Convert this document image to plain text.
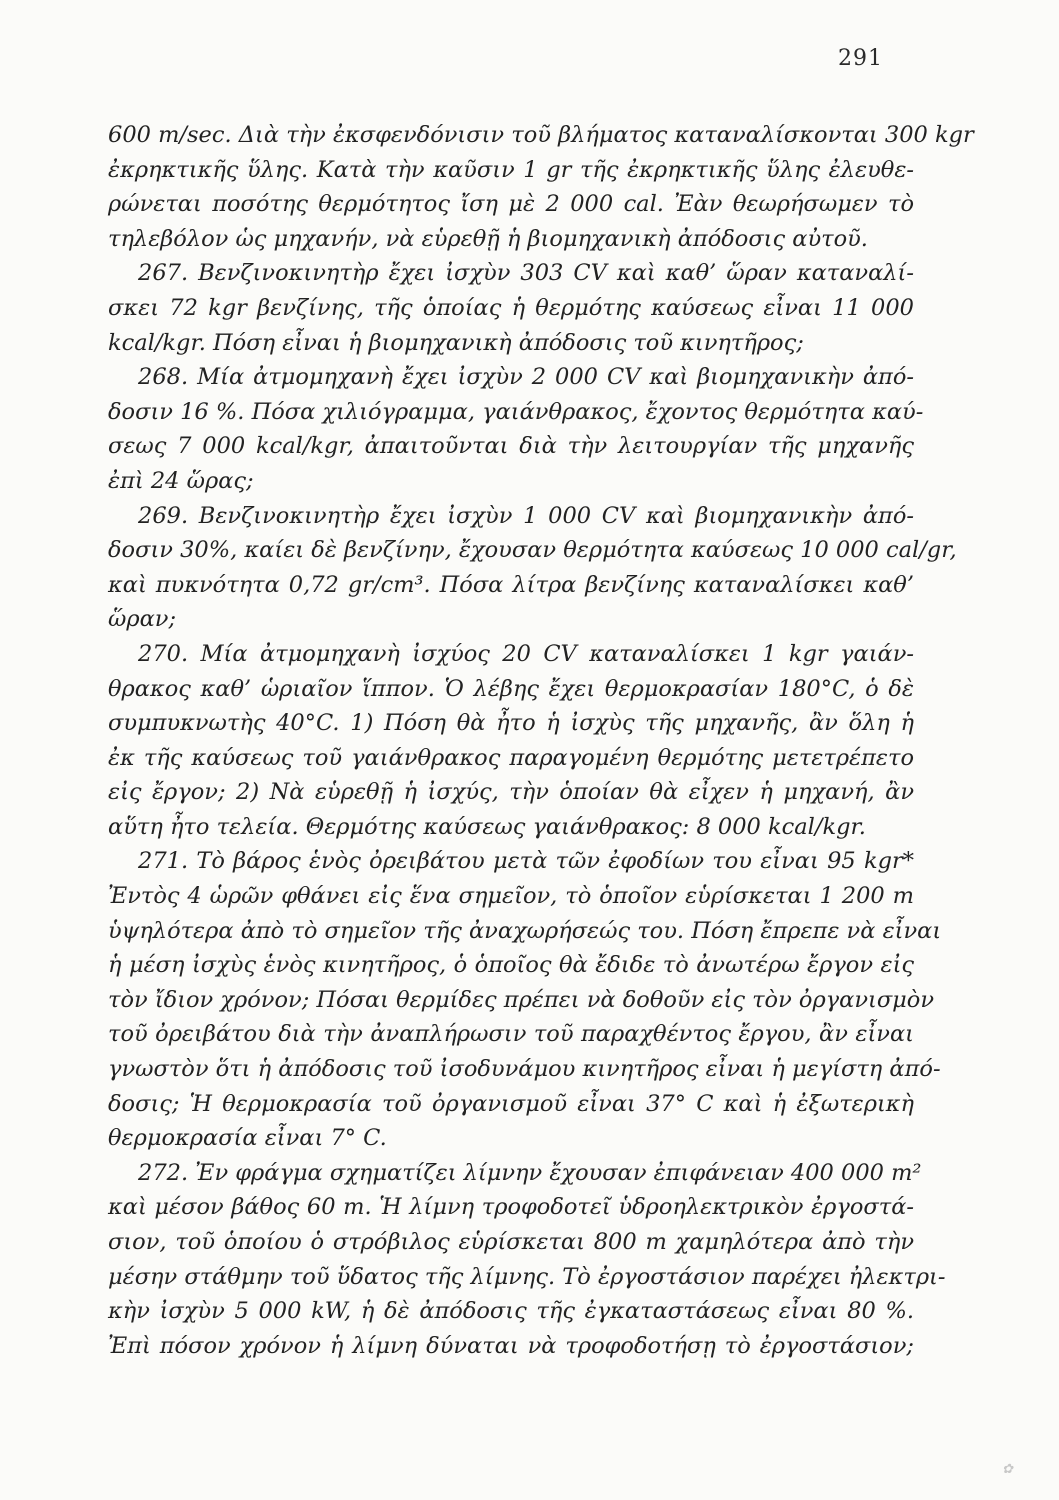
291
600 m/sec. Διὰ τὴν ἐκσφενδόνισιν τοῦ βλήματος καταναλίσκονται 300 kgr
ἐκρηκτικῆς ὕλης. Κατὰ τὴν καῦσιν 1 gr τῆς ἐκρηκτικῆς ὕλης ἐλευθε-
ρώνεται ποσότης θερμότητος ἴση μὲ 2 000 cal. Ἐὰν θεωρήσωμεν τὸ
τηλεβόλον ὡς μηχανήν, νὰ εὑρεθῇ ἡ βιομηχανικὴ ἀπόδοσις αὐτοῦ.
267. Βενζινοκινητὴρ ἔχει ἰσχὺν 303 CV καὶ καθ’ ὥραν καταναλί-
σκει 72 kgr βενζίνης, τῆς ὁποίας ἡ θερμότης καύσεως εἶναι 11 000
kcal/kgr. Πόση εἶναι ἡ βιομηχανικὴ ἀπόδοσις τοῦ κινητῆρος;
268. Μία ἀτμομηχανὴ ἔχει ἰσχὺν 2 000 CV καὶ βιομηχανικὴν ἀπό-
δοσιν 16 %. Πόσα χιλιόγραμμα, γαιάνθρακος, ἔχοντος θερμότητα καύ-
σεως 7 000 kcal/kgr, ἀπαιτοῦνται διὰ τὴν λειτουργίαν τῆς μηχανῆς
ἐπὶ 24 ὥρας;
269. Βενζινοκινητὴρ ἔχει ἰσχὺν 1 000 CV καὶ βιομηχανικὴν ἀπό-
δοσιν 30%, καίει δὲ βενζίνην, ἔχουσαν θερμότητα καύσεως 10 000 cal/gr,
καὶ πυκνότητα 0,72 gr/cm³. Πόσα λίτρα βενζίνης καταναλίσκει καθ’
ὥραν;
270. Μία ἀτμομηχανὴ ἰσχύος 20 CV καταναλίσκει 1 kgr γαιάν-
θρακος καθ’ ὡριαῖον ἵππον. Ὁ λέβης ἔχει θερμοκρασίαν 180°C, ὁ δὲ
συμπυκνωτὴς 40°C. 1) Πόση θὰ ἦτο ἡ ἰσχὺς τῆς μηχανῆς, ἂν ὅλη ἡ
ἐκ τῆς καύσεως τοῦ γαιάνθρακος παραγομένη θερμότης μετετρέπετο
εἰς ἔργον; 2) Νὰ εὑρεθῇ ἡ ἰσχύς, τὴν ὁποίαν θὰ εἶχεν ἡ μηχανή, ἂν
αὕτη ἦτο τελεία. Θερμότης καύσεως γαιάνθρακος: 8 000 kcal/kgr.
271. Τὸ βάρος ἑνὸς ὀρειβάτου μετὰ τῶν ἐφοδίων του εἶναι 95 kgr*
Ἐντὸς 4 ὡρῶν φθάνει εἰς ἕνα σημεῖον, τὸ ὁποῖον εὑρίσκεται 1 200 m
ὑψηλότερα ἀπὸ τὸ σημεῖον τῆς ἀναχωρήσεώς του. Πόση ἔπρεπε νὰ εἶναι
ἡ μέση ἰσχὺς ἑνὸς κινητῆρος, ὁ ὁποῖος θὰ ἔδιδε τὸ ἀνωτέρω ἔργον εἰς
τὸν ἴδιον χρόνον; Πόσαι θερμίδες πρέπει νὰ δοθοῦν εἰς τὸν ὀργανισμὸν
τοῦ ὀρειβάτου διὰ τὴν ἀναπλήρωσιν τοῦ παραχθέντος ἔργου, ἂν εἶναι
γνωστὸν ὅτι ἡ ἀπόδοσις τοῦ ἰσοδυνάμου κινητῆρος εἶναι ἡ μεγίστη ἀπό-
δοσις; Ἡ θερμοκρασία τοῦ ὀργανισμοῦ εἶναι 37° C καὶ ἡ ἐξωτερικὴ
θερμοκρασία εἶναι 7° C.
272. Ἐν φράγμα σχηματίζει λίμνην ἔχουσαν ἐπιφάνειαν 400 000 m²
καὶ μέσον βάθος 60 m. Ἡ λίμνη τροφοδοτεῖ ὑδροηλεκτρικὸν ἐργοστά-
σιον, τοῦ ὁποίου ὁ στρόβιλος εὑρίσκεται 800 m χαμηλότερα ἀπὸ τὴν
μέσην στάθμην τοῦ ὕδατος τῆς λίμνης. Τὸ ἐργοστάσιον παρέχει ἠλεκτρι-
κὴν ἰσχὺν 5 000 kW, ἡ δὲ ἀπόδοσις τῆς ἐγκαταστάσεως εἶναι 80 %.
Ἐπὶ πόσον χρόνον ἡ λίμνη δύναται νὰ τροφοδοτήσῃ τὸ ἐργοστάσιον;
✿
